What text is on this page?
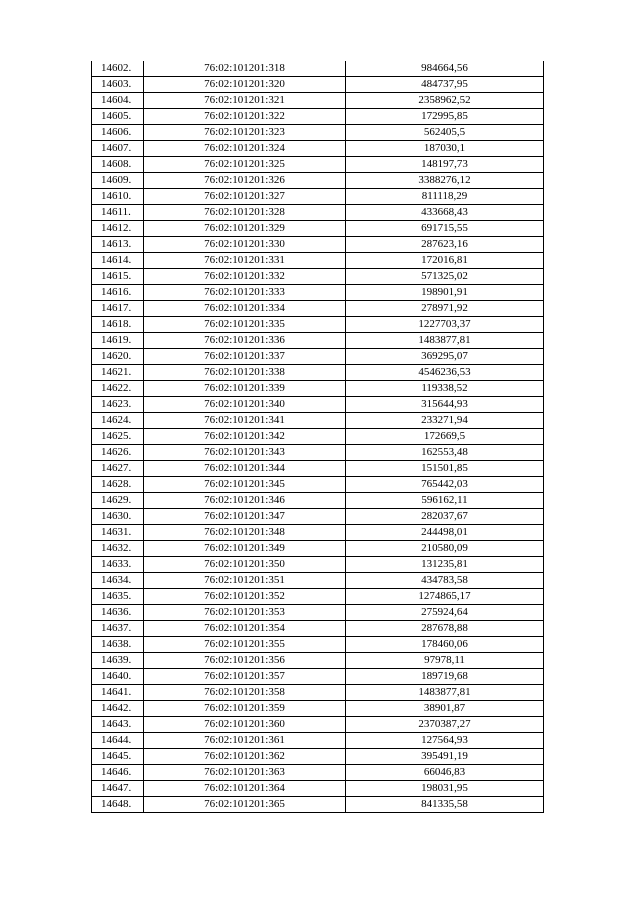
14602.	76:02:101201:318	984664,56
14603.	76:02:101201:320	484737,95
14604.	76:02:101201:321	2358962,52
14605.	76:02:101201:322	172995,85
14606.	76:02:101201:323	562405,5
14607.	76:02:101201:324	187030,1
14608.	76:02:101201:325	148197,73
14609.	76:02:101201:326	3388276,12
14610.	76:02:101201:327	811118,29
14611.	76:02:101201:328	433668,43
14612.	76:02:101201:329	691715,55
14613.	76:02:101201:330	287623,16
14614.	76:02:101201:331	172016,81
14615.	76:02:101201:332	571325,02
14616.	76:02:101201:333	198901,91
14617.	76:02:101201:334	278971,92
14618.	76:02:101201:335	1227703,37
14619.	76:02:101201:336	1483877,81
14620.	76:02:101201:337	369295,07
14621.	76:02:101201:338	4546236,53
14622.	76:02:101201:339	119338,52
14623.	76:02:101201:340	315644,93
14624.	76:02:101201:341	233271,94
14625.	76:02:101201:342	172669,5
14626.	76:02:101201:343	162553,48
14627.	76:02:101201:344	151501,85
14628.	76:02:101201:345	765442,03
14629.	76:02:101201:346	596162,11
14630.	76:02:101201:347	282037,67
14631.	76:02:101201:348	244498,01
14632.	76:02:101201:349	210580,09
14633.	76:02:101201:350	131235,81
14634.	76:02:101201:351	434783,58
14635.	76:02:101201:352	1274865,17
14636.	76:02:101201:353	275924,64
14637.	76:02:101201:354	287678,88
14638.	76:02:101201:355	178460,06
14639.	76:02:101201:356	97978,11
14640.	76:02:101201:357	189719,68
14641.	76:02:101201:358	1483877,81
14642.	76:02:101201:359	38901,87
14643.	76:02:101201:360	2370387,27
14644.	76:02:101201:361	127564,93
14645.	76:02:101201:362	395491,19
14646.	76:02:101201:363	66046,83
14647.	76:02:101201:364	198031,95
14648.	76:02:101201:365	841335,58
